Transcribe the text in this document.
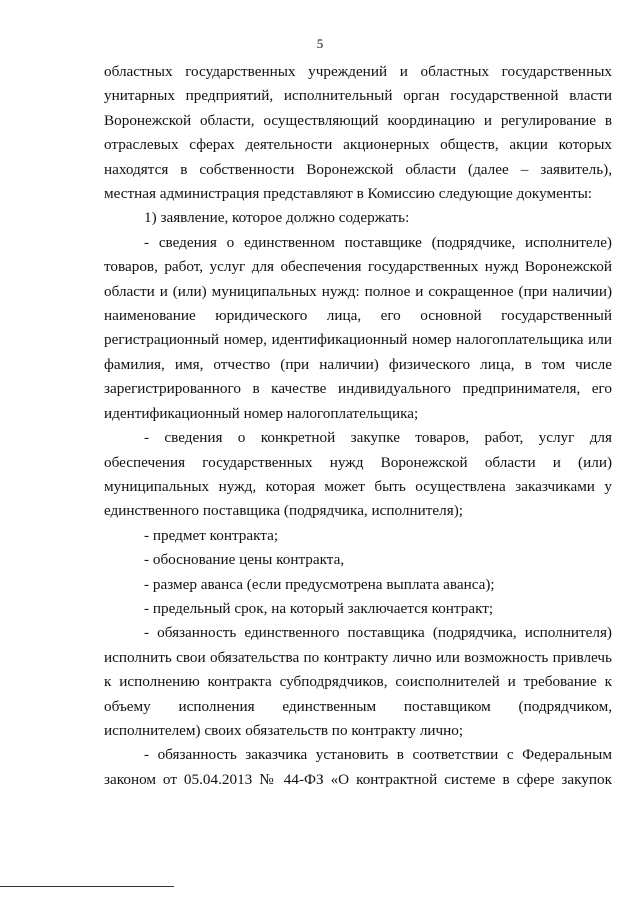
5

областных государственных учреждений и областных государственных

унитарных предприятий, исполнительный орган государственной власти

Воронежской области, осуществляющий координацию и регулирование в

отраслевых сферах деятельности акционерных обществ, акции которых

находятся в собственности Воронежской области (далее – заявитель),

местная администрация представляют в Комиссию следующие документы:

1) заявление, которое должно содержать:

- сведения о единственном поставщике (подрядчике, исполнителе)

товаров, работ, услуг для обеспечения государственных нужд Воронежской

области и (или) муниципальных нужд: полное и сокращенное (при наличии)

наименование юридического лица, его основной государственный

регистрационный номер, идентификационный номер налогоплательщика или

фамилия, имя, отчество (при наличии) физического лица, в том числе

зарегистрированного в качестве индивидуального предпринимателя, его

идентификационный номер налогоплательщика;

- сведения о конкретной закупке товаров, работ, услуг для

обеспечения государственных нужд Воронежской области и (или)

муниципальных нужд, которая может быть осуществлена заказчиками у

единственного поставщика (подрядчика, исполнителя);

- предмет контракта;

- обоснование цены контракта,

- размер аванса (если предусмотрена выплата аванса);

- предельный срок, на который заключается контракт;

- обязанность единственного поставщика (подрядчика, исполнителя)

исполнить свои обязательства по контракту лично или возможность привлечь

к исполнению контракта субподрядчиков, соисполнителей и требование к

объему исполнения единственным поставщиком (подрядчиком,

исполнителем) своих обязательств по контракту лично;

- обязанность заказчика установить в соответствии с Федеральным

законом от 05.04.2013 № 44-ФЗ «О контрактной системе в сфере закупок
